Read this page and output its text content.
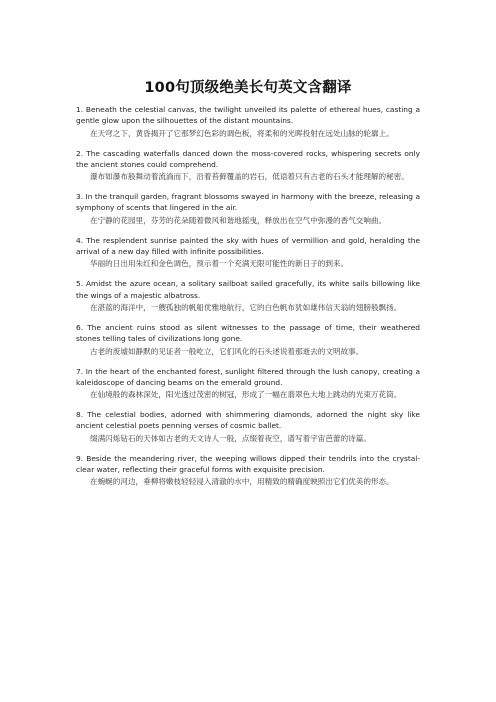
100句顶级绝美长句英文含翻译

1. Beneath the celestial canvas, the twilight unveiled its palette of ethereal hues, casting a gentle glow upon the silhouettes of the distant mountains.

在天穹之下，黄昏揭开了它那梦幻色彩的调色板，将柔和的光晖投射在远处山脉的轮廓上。

2. The cascading waterfalls danced down the moss-covered rocks, whispering secrets only the ancient stones could comprehend.

瀑布如瀑布般舞动着流淌而下，沿着苔藓覆盖的岩石，低语着只有古老的石头才能理解的秘密。

3. In the tranquil garden, fragrant blossoms swayed in harmony with the breeze, releasing a symphony of scents that lingered in the air.

在宁静的花园里，芬芳的花朵随着微风和谐地摇曳，释放出在空气中弥漫的香气交响曲。

4. The resplendent sunrise painted the sky with hues of vermillion and gold, heralding the arrival of a new day filled with infinite possibilities.

华丽的日出用朱红和金色调色，预示着一个充满无限可能性的新日子的到来。

5. Amidst the azure ocean, a solitary sailboat sailed gracefully, its white sails billowing like the wings of a majestic albatross.

在湛蓝的海洋中，一艘孤独的帆船优雅地航行，它的白色帆布犹如雄伟信天翁的翅膀般飘扬。

6. The ancient ruins stood as silent witnesses to the passage of time, their weathered stones telling tales of civilizations long gone.

古老的废墟如静默的见证者一般屹立，它们风化的石头述说着那逝去的文明故事。

7. In the heart of the enchanted forest, sunlight filtered through the lush canopy, creating a kaleidoscope of dancing beams on the emerald ground.

在仙境般的森林深处，阳光透过茂密的树冠，形成了一幅在翡翠色大地上跳动的光束万花筒。

8. The celestial bodies, adorned with shimmering diamonds, adorned the night sky like ancient celestial poets penning verses of cosmic ballet.

缀满闪烁钻石的天体如古老的天文诗人一般，点缀着夜空，谱写着宇宙芭蕾的诗篇。

9. Beside the meandering river, the weeping willows dipped their tendrils into the crystal-clear water, reflecting their graceful forms with exquisite precision.

在蜿蜒的河边，垂柳将嫩枝轻轻浸入清澈的水中，用精致的精确度映照出它们优美的形态。
